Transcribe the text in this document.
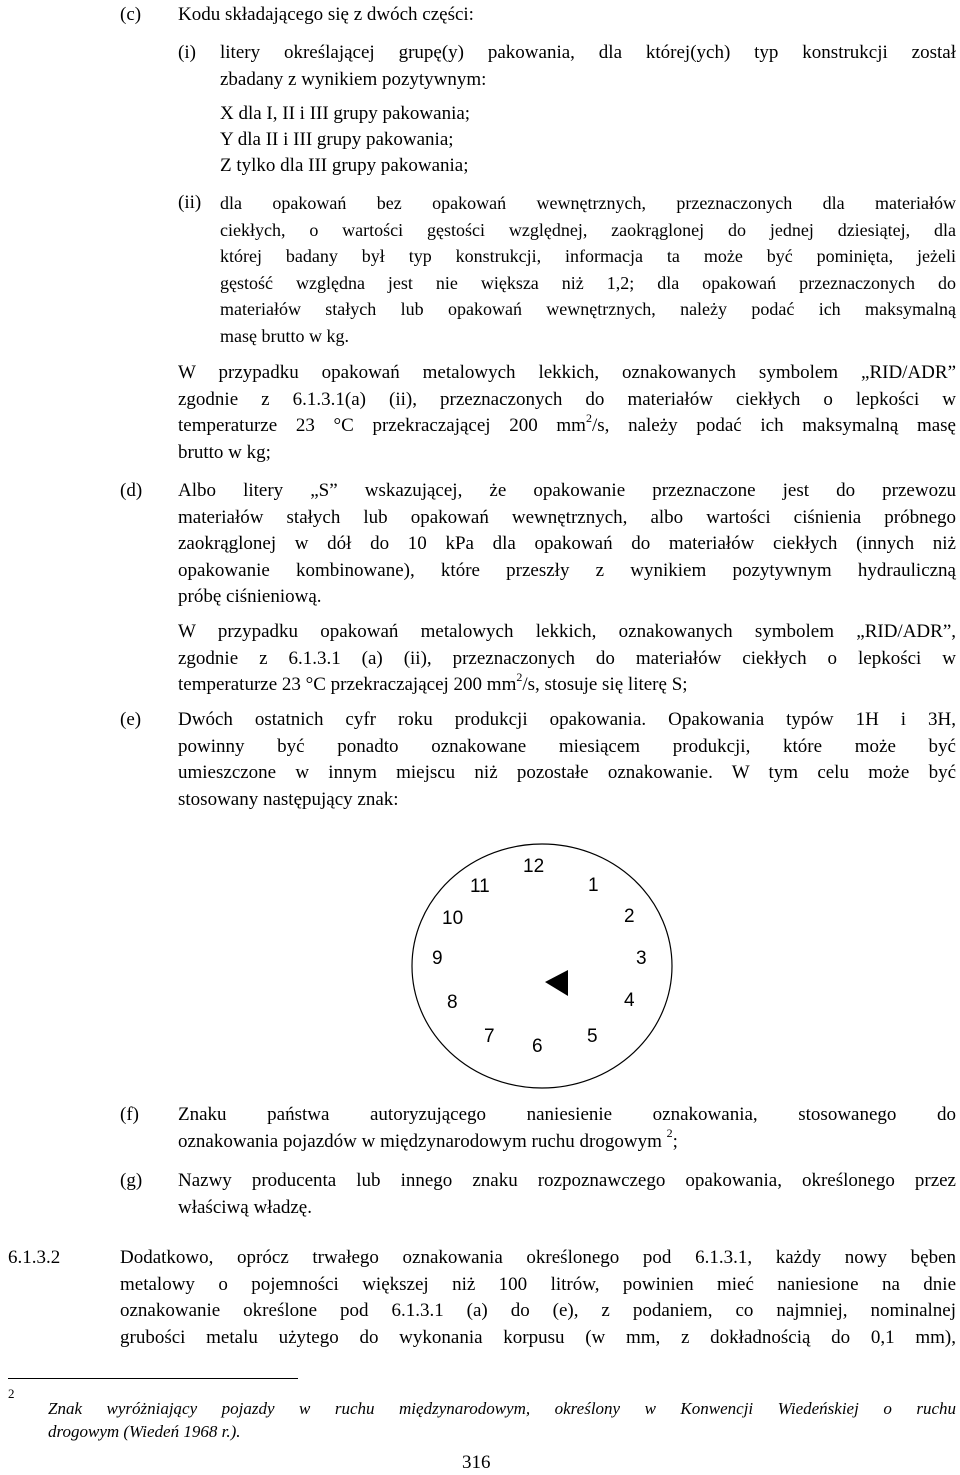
(c) Kodu składającego się z dwóch części:
(i) litery określającej grupę(y) pakowania, dla której(ych) typ konstrukcji został
zbadany z wynikiem pozytywnym:
X dla I, II i III grupy pakowania;
Y dla II i III grupy pakowania;
Z tylko dla III grupy pakowania;
(ii) dla opakowań bez opakowań wewnętrznych, przeznaczonych dla materiałów
ciekłych, o wartości gęstości względnej, zaokrąglonej do jednej dziesiątej, dla
której badany był typ konstrukcji, informacja ta może być pominięta, jeżeli
gęstość względna jest nie większa niż 1,2; dla opakowań przeznaczonych do
materiałów stałych lub opakowań wewnętrznych, należy podać ich maksymalną
masę brutto w kg.
W przypadku opakowań metalowych lekkich, oznakowanych symbolem „RID/ADR”
zgodnie z 6.1.3.1(a) (ii), przeznaczonych do materiałów ciekłych o lepkości w
temperaturze 23 °C przekraczającej 200 $mm^2/s$, należy podać ich maksymalną masę
brutto w kg;
(d) Albo litery „S” wskazującej, że opakowanie przeznaczone jest do przewozu
materiałów stałych lub opakowań wewnętrznych, albo wartości ciśnienia próbnego
zaokrąglonej w dół do 10 kPa dla opakowań do materiałów ciekłych (innych niż
opakowanie kombinowane), które przeszły z wynikiem pozytywnym hydrauliczną
próbę ciśnieniową.
W przypadku opakowań metalowych lekkich, oznakowanych symbolem „RID/ADR”,
zgodnie z 6.1.3.1 (a) (ii), przeznaczonych do materiałów ciekłych o lepkości w
temperaturze 23 °C przekraczającej 200 $mm^2/s$, stosuje się literę S;
(e) Dwóch ostatnich cyfr roku produkcji opakowania. Opakowania typów 1H i 3H,
powinny być ponadto oznakowane miesiącem produkcji, które może być
umieszczone w innym miejscu niż pozostałe oznakowanie. W tym celu może być
stosowany następujący znak:
12
1
2
3
4
5
6
7
8
9
10
11
(f) Znaku państwa autoryzującego naniesienie oznakowania, stosowanego do
oznakowania pojazdów w międzynarodowym ruchu drogowym $^2$;
(g) Nazwy producenta lub innego znaku rozpoznawczego opakowania, określonego przez
właściwą władzę.
6.1.3.2	Dodatkowo, oprócz trwałego oznakowania określonego pod 6.1.3.1, każdy nowy bęben
metalowy o pojemności większej niż 100 litrów, powinien mieć naniesione na dnie
oznakowanie określone pod 6.1.3.1 (a) do (e), z podaniem, co najmniej, nominalnej
grubości metalu użytego do wykonania korpusu (w mm, z dokładnością do 0,1 mm),
2
Znak wyróżniający pojazdy w ruchu międzynarodowym, określony w Konwencji Wiedeńskiej o ruchu
drogowym (Wiedeń 1968 r.).
316
